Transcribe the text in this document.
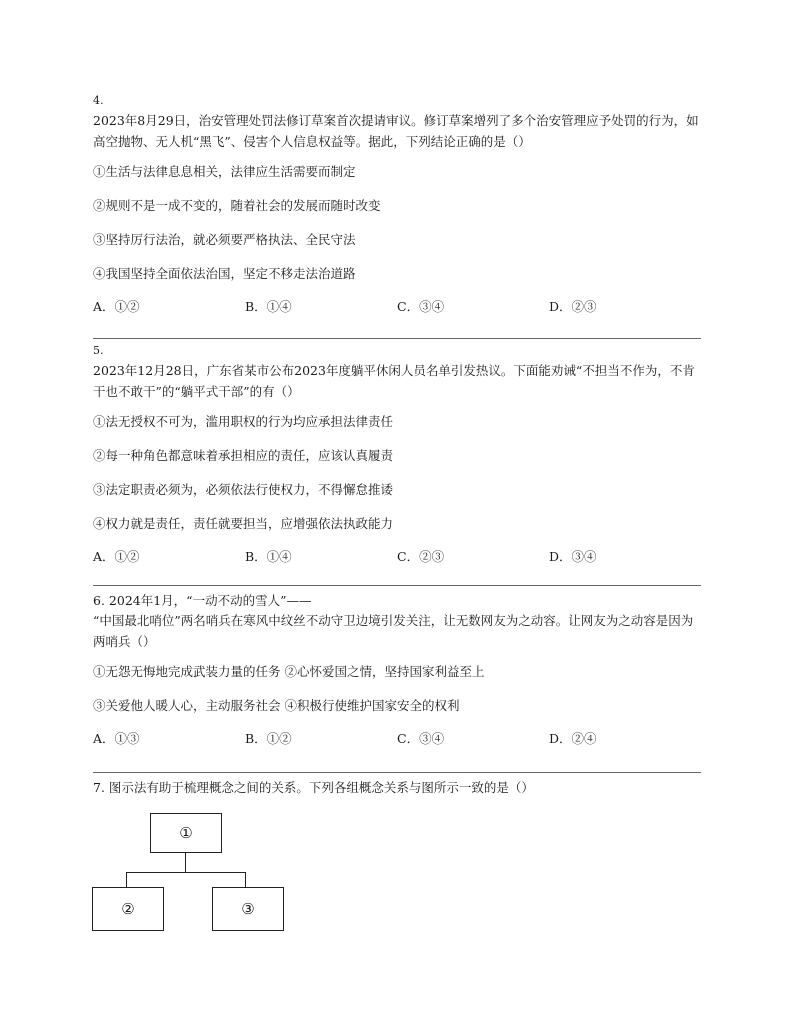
4.
2023年8月29日，治安管理处罚法修订草案首次提请审议。修订草案增列了多个治安管理应予处罚的行为，如高空抛物、无人机“黑飞”、侵害个人信息权益等。据此，下列结论正确的是（）
①生活与法律息息相关，法律应生活需要而制定
②规则不是一成不变的，随着社会的发展而随时改变
③坚持厉行法治，就必须要严格执法、全民守法
④我国坚持全面依法治国，坚定不移走法治道路
A．①②	B．①④	C．③④	D．②③
5.
2023年12月28日，广东省某市公布2023年度躺平休闲人员名单引发热议。下面能劝诫“不担当不作为，不肯干也不敢干”的“躺平式干部”的有（）
①法无授权不可为，滥用职权的行为均应承担法律责任
②每一种角色都意味着承担相应的责任，应该认真履责
③法定职责必须为，必须依法行使权力，不得懈怠推诿
④权力就是责任，责任就要担当，应增强依法执政能力
A．①②	B．①④	C．②③	D．③④
6. 2024年1月，“一动不动的雪人”——
“中国最北哨位”两名哨兵在寒风中纹丝不动守卫边境引发关注，让无数网友为之动容。让网友为之动容是因为两哨兵（）
①无怨无悔地完成武装力量的任务 ②心怀爱国之情，坚持国家利益至上
③关爱他人暖人心，主动服务社会 ④积极行使维护国家安全的权利
A．①③	B．①②	C．③④	D．②④
7. 图示法有助于梳理概念之间的关系。下列各组概念关系与图所示一致的是（）
①
②	③
